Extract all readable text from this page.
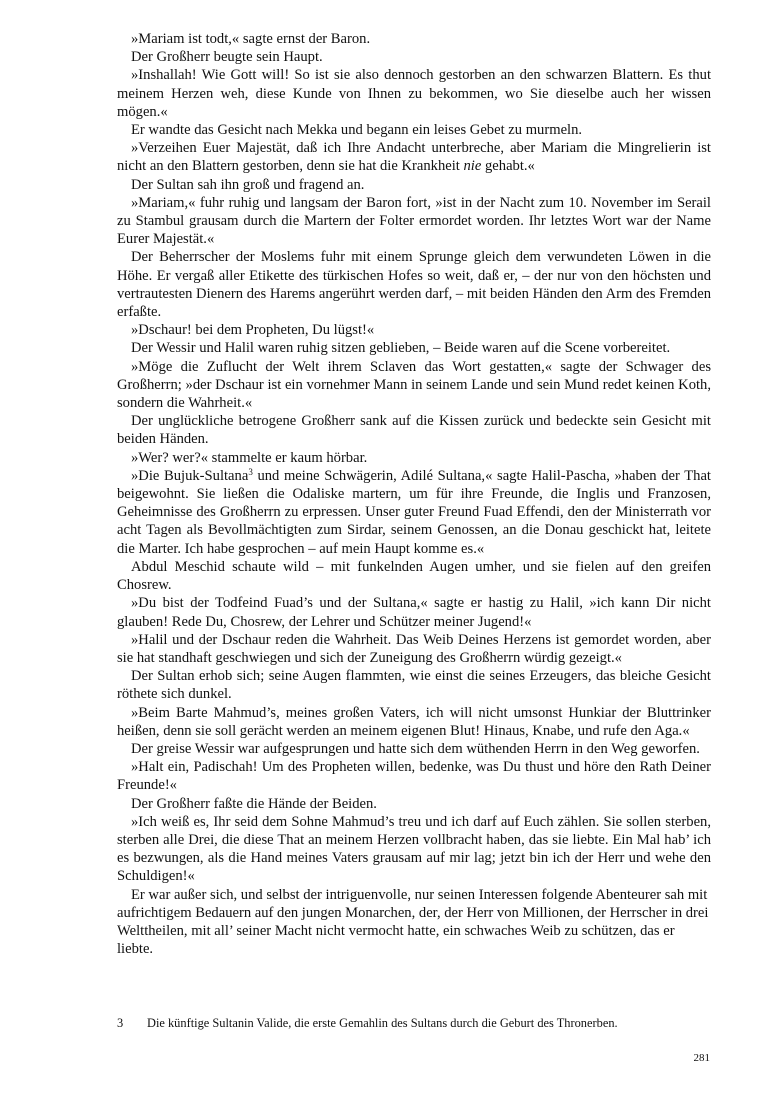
»Mariam ist todt,« sagte ernst der Baron.

Der Großherr beugte sein Haupt.

»Inshallah! Wie Gott will! So ist sie also dennoch gestorben an den schwarzen Blattern. Es thut meinem Herzen weh, diese Kunde von Ihnen zu bekommen, wo Sie dieselbe auch her wissen mögen.«

Er wandte das Gesicht nach Mekka und begann ein leises Gebet zu murmeln.

»Verzeihen Euer Majestät, daß ich Ihre Andacht unterbreche, aber Mariam die Mingrelierin ist nicht an den Blattern gestorben, denn sie hat die Krankheit nie gehabt.«

Der Sultan sah ihn groß und fragend an.

»Mariam,« fuhr ruhig und langsam der Baron fort, »ist in der Nacht zum 10. November im Serail zu Stambul grausam durch die Martern der Folter ermordet worden. Ihr letztes Wort war der Name Eurer Majestät.«

Der Beherrscher der Moslems fuhr mit einem Sprunge gleich dem verwundeten Löwen in die Höhe. Er vergaß aller Etikette des türkischen Hofes so weit, daß er, – der nur von den höchsten und vertrautesten Dienern des Harems angerührt werden darf, – mit beiden Händen den Arm des Fremden erfaßte.

»Dschaur! bei dem Propheten, Du lügst!«

Der Wessir und Halil waren ruhig sitzen geblieben, – Beide waren auf die Scene vorbereitet.

»Möge die Zuflucht der Welt ihrem Sclaven das Wort gestatten,« sagte der Schwager des Großherrn; »der Dschaur ist ein vornehmer Mann in seinem Lande und sein Mund redet keinen Koth, sondern die Wahrheit.«

Der unglückliche betrogene Großherr sank auf die Kissen zurück und bedeckte sein Gesicht mit beiden Händen.

»Wer? wer?« stammelte er kaum hörbar.

»Die Bujuk-Sultana$^3$ und meine Schwägerin, Adilé Sultana,« sagte Halil-Pascha, »haben der That beigewohnt. Sie ließen die Odaliske martern, um für ihre Freunde, die Inglis und Franzosen, Geheimnisse des Großherrn zu erpressen. Unser guter Freund Fuad Effendi, den der Ministerrath vor acht Tagen als Bevollmächtigten zum Sirdar, seinem Genossen, an die Donau geschickt hat, leitete die Marter. Ich habe gesprochen – auf mein Haupt komme es.«

Abdul Meschid schaute wild – mit funkelnden Augen umher, und sie fielen auf den greifen Chosrew.

»Du bist der Todfeind Fuad’s und der Sultana,« sagte er hastig zu Halil, »ich kann Dir nicht glauben! Rede Du, Chosrew, der Lehrer und Schützer meiner Jugend!«

»Halil und der Dschaur reden die Wahrheit. Das Weib Deines Herzens ist gemordet worden, aber sie hat standhaft geschwiegen und sich der Zuneigung des Großherrn würdig gezeigt.«

Der Sultan erhob sich; seine Augen flammten, wie einst die seines Erzeugers, das bleiche Gesicht röthete sich dunkel.

»Beim Barte Mahmud’s, meines großen Vaters, ich will nicht umsonst Hunkiar der Bluttrinker heißen, denn sie soll gerächt werden an meinem eigenen Blut! Hinaus, Knabe, und rufe den Aga.«

Der greise Wessir war aufgesprungen und hatte sich dem wüthenden Herrn in den Weg geworfen.

»Halt ein, Padischah! Um des Propheten willen, bedenke, was Du thust und höre den Rath Deiner Freunde!«

Der Großherr faßte die Hände der Beiden.

»Ich weiß es, Ihr seid dem Sohne Mahmud’s treu und ich darf auf Euch zählen. Sie sollen sterben, sterben alle Drei, die diese That an meinem Herzen vollbracht haben, das sie liebte. Ein Mal hab’ ich es bezwungen, als die Hand meines Vaters grausam auf mir lag; jetzt bin ich der Herr und wehe den Schuldigen!«

Er war außer sich, und selbst der intriguenvolle, nur seinen Interessen folgende Abenteurer sah mit aufrichtigem Bedauern auf den jungen Monarchen, der, der Herr von Millionen, der Herrscher in drei Welttheilen, mit all’ seiner Macht nicht vermocht hatte, ein schwaches Weib zu schützen, das er liebte.

3 Die künftige Sultanin Valide, die erste Gemahlin des Sultans durch die Geburt des Thronerben.
281
